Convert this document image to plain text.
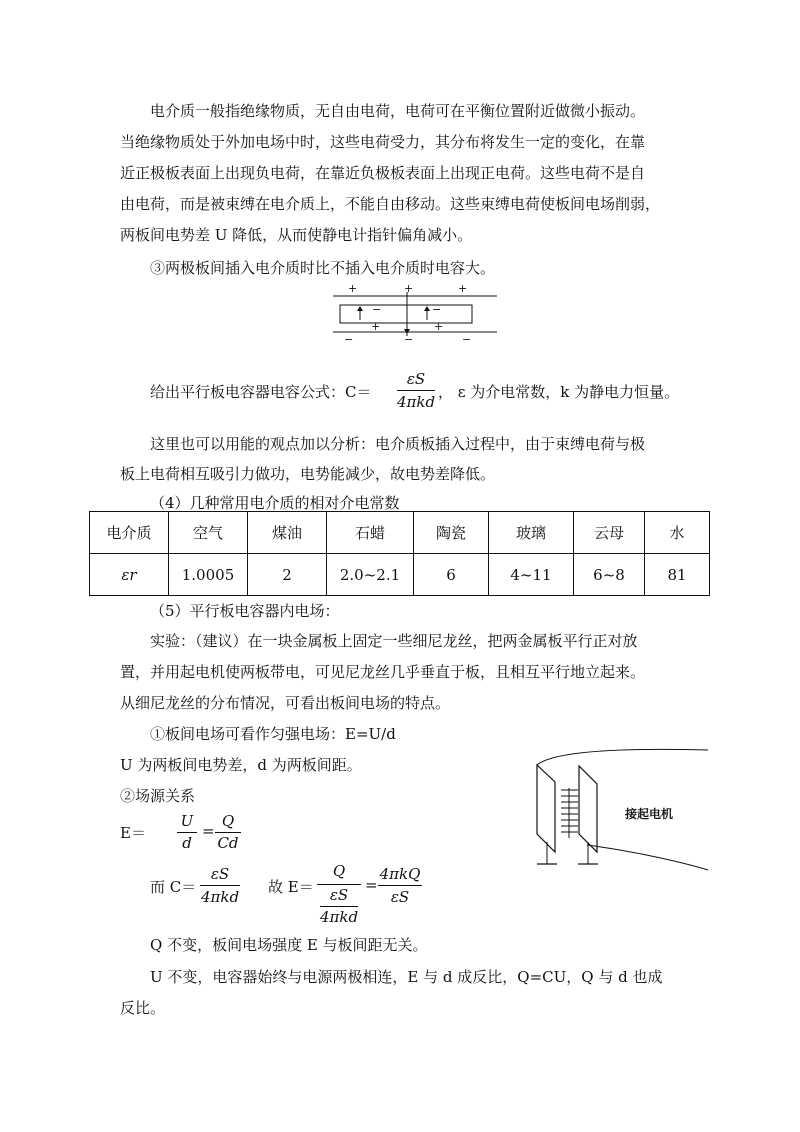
电介质一般指绝缘物质，无自由电荷，电荷可在平衡位置附近做微小振动。
当绝缘物质处于外加电场中时，这些电荷受力，其分布将发生一定的变化，在靠
近正极板表面上出现负电荷，在靠近负极板表面上出现正电荷。这些电荷不是自
由电荷，而是被束缚在电介质上，不能自由移动。这些束缚电荷使板间电场削弱，
两板间电势差 U 降低，从而使静电计指针偏角减小。
③两极板间插入电介质时比不插入电介质时电容大。
+	+	+
−	−
+	+
−	−	−
给出平行板电容器电容公式：C＝
εS
4πkd
， ε 为介电常数，k 为静电力恒量。
这里也可以用能的观点加以分析：电介质板插入过程中，由于束缚电荷与极
板上电荷相互吸引力做功，电势能减少，故电势差降低。
（4）几种常用电介质的相对介电常数
电介质	空气	煤油	石蜡	陶瓷	玻璃	云母	水
εr	1.0005	2	2.0~2.1	6	4~11	6~8	81
（5）平行板电容器内电场：
实验：（建议）在一块金属板上固定一些细尼龙丝，把两金属板平行正对放
置，并用起电机使两板带电，可见尼龙丝几乎垂直于板，且相互平行地立起来。
从细尼龙丝的分布情况，可看出板间电场的特点。
①板间电场可看作匀强电场：E=U/d
U 为两板间电势差，d 为两板间距。
②场源关系
E＝
U
d
=
Q
Cd
而 C＝
εS
4πkd
故 E＝
Q
εS
4πkd
=
4πkQ
εS
Q 不变，板间电场强度 E 与板间距无关。
U 不变，电容器始终与电源两极相连，E 与 d 成反比，Q=CU，Q 与 d 也成
反比。
接起电机
